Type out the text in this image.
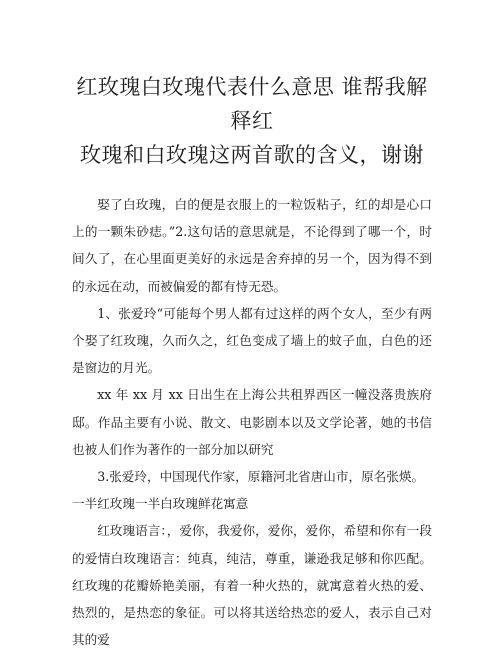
红玫瑰白玫瑰代表什么意思 谁帮我解释红
玫瑰和白玫瑰这两首歌的含义，谢谢

娶了白玫瑰，白的便是衣服上的一粒饭粘子，红的却是心口上的一颗朱砂痣。”2.这句话的意思就是，不论得到了哪一个，时间久了，在心里面更美好的永远是舍弃掉的另一个，因为得不到的永远在动，而被偏爱的都有恃无恐。

1、张爱玲“可能每个男人都有过这样的两个女人，至少有两个娶了红玫瑰，久而久之，红色变成了墙上的蚊子血，白色的还是窗边的月光。

xx 年 xx 月 xx 日出生在上海公共租界西区一幢没落贵族府邸。作品主要有小说、散文、电影剧本以及文学论著，她的书信也被人们作为著作的一部分加以研究

3.张爱玲，中国现代作家，原籍河北省唐山市，原名张煐。

一半红玫瑰一半白玫瑰鲜花寓意

红玫瑰语言：，爱你，我爱你，爱你，爱你，希望和你有一段的爱情白玫瑰语言：纯真，纯洁，尊重，谦逊我足够和你匹配。 红玫瑰的花瓣娇艳美丽，有着一种火热的，就寓意着火热的爱、热烈的，是热恋的象征。可以将其送给热恋的爱人，表示自己对其的爱
